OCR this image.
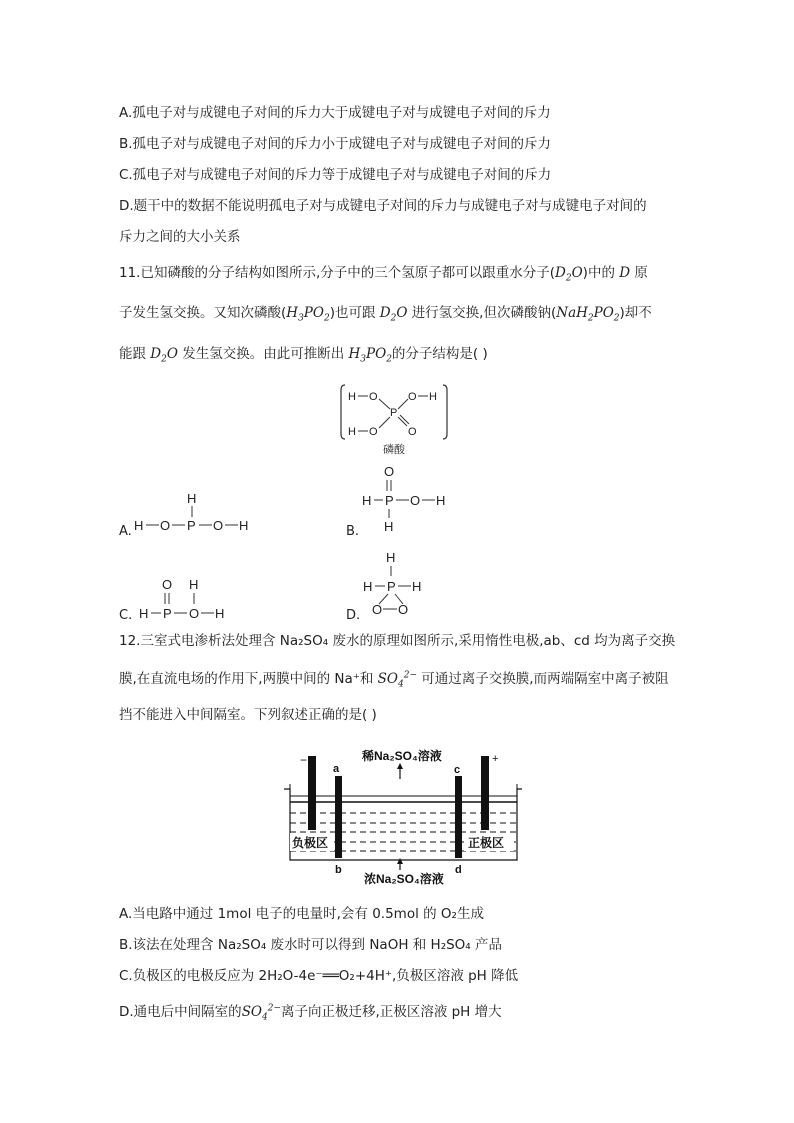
A.孤电子对与成键电子对间的斥力大于成键电子对与成键电子对间的斥力
B.孤电子对与成键电子对间的斥力小于成键电子对与成键电子对间的斥力
C.孤电子对与成键电子对间的斥力等于成键电子对与成键电子对间的斥力
D.题干中的数据不能说明孤电子对与成键电子对间的斥力与成键电子对与成键电子对间的
斥力之间的大小关系
11.已知磷酸的分子结构如图所示,分子中的三个氢原子都可以跟重水分子$(D_2O)$中的 D 原
子发生氢交换。又知次磷酸$(H_3PO_2)$也可跟 $D_2O$ 进行氢交换,但次磷酸钠$(NaH_2PO_2)$却不
能跟 $D_2O$ 发生氢交换。由此可推断出 $H_3PO_2$的分子结构是( )
H O
P
O H
H O	O
磷酸
A. H O P
H
O H	B.
O
H P O H
H
C.
O
H P O
H
H	D.
H
H P H
O O
12.三室式电渗析法处理含 Na₂SO₄ 废水的原理如图所示,采用惰性电极,ab、cd 均为离子交换
膜,在直流电场的作用下,两膜中间的 Na⁺和 $SO_4^{2-}$ 可通过离子交换膜,而两端隔室中离子被阻
挡不能进入中间隔室。下列叙述正确的是( )
稀Na₂SO₄溶液
−	+
a	c
b	d
负极区	正极区
浓Na₂SO₄溶液
A.当电路中通过 1mol 电子的电量时,会有 0.5mol 的 O₂生成
B.该法在处理含 Na₂SO₄ 废水时可以得到 NaOH 和 H₂SO₄ 产品
C.负极区的电极反应为 2H₂O-4e⁻══O₂+4H⁺,负极区溶液 pH 降低
D.通电后中间隔室的$SO_4^{2-}$离子向正极迁移,正极区溶液 pH 增大
